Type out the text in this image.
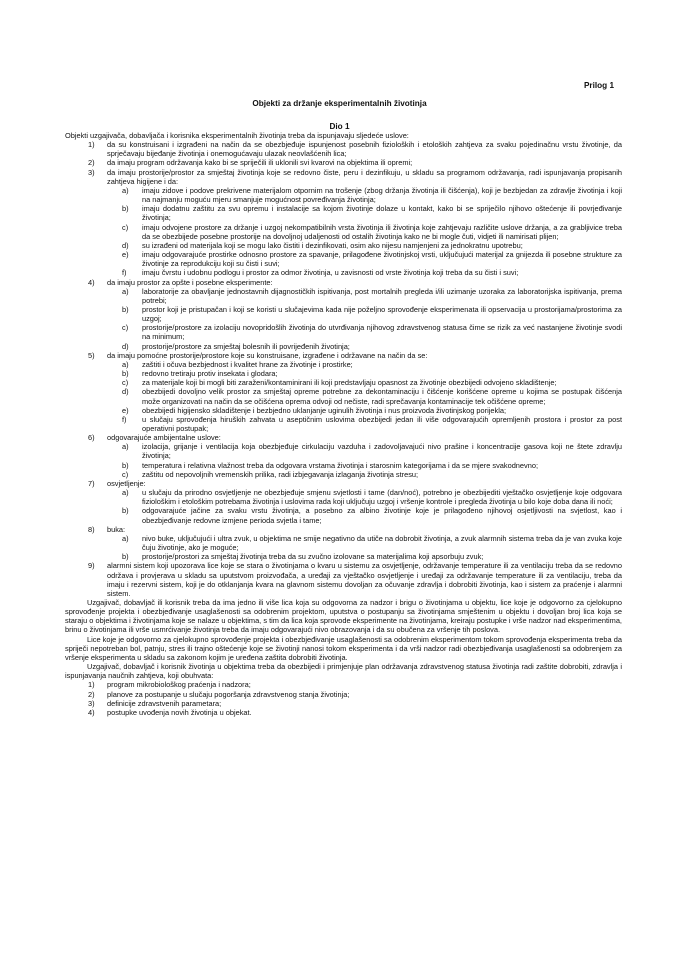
Prilog 1
Objekti za držanje eksperimentalnih životinja
Dio 1

Objekti uzgajivača, dobavljača i korisnika eksperimentalnih životinja treba da ispunjavaju sljedeće uslove:

1) da su konstruisani i izgrađeni na način da se obezbjeđuje ispunjenost posebnih fizioloških i etoloških zahtjeva za svaku pojedinačnu vrstu životinje, da sprječavaju bijeđanje životinja i onemogućavaju ulazak neovlašćenih lica;
2) da imaju program održavanja kako bi se spriječili ili uklonili svi kvarovi na objektima ili opremi;
3) da imaju prostorije/prostor za smještaj životinja koje se redovno čiste, peru i dezinfikuju, u skladu sa programom održavanja, radi ispunjavanja propisanih zahtjeva higijene i da:
a) imaju zidove i podove prekrivene materijalom otpornim na trošenje (zbog držanja životinja ili čišćenja), koji je bezbjedan za zdravlje životinja i koji na najmanju moguću mjeru smanjuje mogućnost povređivanja životinja;
b) imaju dodatnu zaštitu za svu opremu i instalacije sa kojom životinje dolaze u kontakt, kako bi se spriječilo njihovo oštećenje ili povrjeđivanje životinja;
c) imaju odvojene prostore za držanje i uzgoj nekompatibilnih vrsta životinja ili životinja koje zahtjevaju različite uslove držanja, a za grabljivice treba da se obezbijede posebne prostorije na dovoljnoj udaljenosti od ostalih životinja kako ne bi mogle čuti, vidjeti ili namirisati plijen;
d) su izrađeni od materijala koji se mogu lako čistiti i dezinfikovati, osim ako nijesu namjenjeni za jednokratnu upotrebu;
e) imaju odgovarajuće prostirke odnosno prostore za spavanje, prilagođene životinjskoj vrsti, uključujući materijal za gnijezda ili posebne strukture za životinje za reprodukciju koji su čisti i suvi;
f) imaju čvrstu i udobnu podlogu i prostor za odmor životinja, u zavisnosti od vrste životinja koji treba da su čisti i suvi;
4) da imaju prostor za opšte i posebne eksperimente:
a) laboratorije za obavljanje jednostavnih dijagnostičkih ispitivanja, post mortalnih pregleda i/ili uzimanje uzoraka za laboratorijska ispitivanja, prema potrebi;
b) prostor koji je pristupačan i koji se koristi u slučajevima kada nije poželjno sprovođenje eksperimenata ili opservacija u prostorijama/prostorima za uzgoj;
c) prostorije/prostore za izolaciju novopridošlih životinja do utvrđivanja njihovog zdravstvenog statusa čime se rizik za već nastanjene životinje svodi na minimum;
d) prostorije/prostore za smještaj bolesnih ili povrijeđenih životinja;
5) da imaju pomoćne prostorije/prostore koje su konstruisane, izgrađene i održavane na način da se:
a) zaštiti i očuva bezbjednost i kvalitet hrane za životinje i prostirke;
b) redovno tretiraju protiv insekata i glodara;
c) za materijale koji bi mogli biti zaraženi/kontaminirani ili koji predstavljaju opasnost za životinje obezbijedi odvojeno skladištenje;
d) obezbijedi dovoljno velik prostor za smještaj opreme potrebne za dekontaminaciju i čišćenje korišćene opreme u kojima se postupak čišćenja može organizovati na način da se očišćena oprema odvoji od nečiste, radi sprečavanja kontaminacije tek očišćene opreme;
e) obezbijedi higijensko skladištenje i bezbjedno uklanjanje uginulih životinja i nus proizvoda životinjskog porijekla;
f) u slučaju sprovođenja hiruških zahvata u aseptičnim uslovima obezbijedi jedan ili više odgovarajućih opremljenih prostora i prostor za post operativni postupak;
6) odgovarajuće ambijentalne uslove:
a) izolacija, grijanje i ventilacija koja obezbjeđuje cirkulaciju vazduha i zadovoljavajući nivo prašine i koncentracije gasova koji ne štete zdravlju životinja;
b) temperatura i relativna vlažnost treba da odgovara vrstama životinja i starosnim kategorijama i da se mjere svakodnevno;
c) zaštitu od nepovoljnih vremenskih prilika, radi izbjegavanja izlaganja životinja stresu;
7) osvjetljenje:
a) u slučaju da prirodno osvjetljenje ne obezbjeđuje smjenu svjetlosti i tame (dan/noć), potrebno je obezbijediti vještačko osvjetljenje koje odgovara fiziološkim i etološkim potrebama životinja i uslovima rada koji uključuju uzgoj i vršenje kontrole i pregleda životinja u bilo koje doba dana ili noći;
b) odgovarajuće jačine za svaku vrstu životinja, a posebno za albino životinje koje je prilagođeno njihovoj osjetljivosti na svjetlost, kao i obezbjeđivanje redovne izmjene perioda svjetla i tame;
8) buka:
a) nivo buke, uključujući i ultra zvuk, u objektima ne smije negativno da utiče na dobrobit životinja, a zvuk alarmnih sistema treba da je van zvuka koje čuju životinje, ako je moguće;
b) prostorije/prostori za smještaj životinja treba da su zvučno izolovane sa materijalima koji apsorbuju zvuk;
9) alarmni sistem koji upozorava lice koje se stara o životinjama o kvaru u sistemu za osvjetljenje, održavanje temperature ili za ventilaciju treba da se redovno održava i provjerava u skladu sa uputstvom proizvođača, a uređaji za vještačko osvjetljenje i uređaji za održavanje temperature ili za ventilaciju, treba da imaju i rezervni sistem, koji je do otklanjanja kvara na glavnom sistemu dovoljan za očuvanje zdravlja i dobrobiti životinja, kao i sistem za praćenje i alarmni sistem.

Uzgajivač, dobavljač ili korisnik treba da ima jedno ili više lica koja su odgovorna za nadzor i brigu o životinjama u objektu, lice koje je odgovorno za cjelokupno sprovođenje projekta i obezbjeđivanje usaglašenosti sa odobrenim projektom, uputstva o postupanju sa životinjama smještenim u objektu i dovoljan broj lica koja se staraju o objektima i životinjama koje se nalaze u objektima, s tim da lica koja sprovode eksperimente na životinjama, kreiraju postupke i vrše nadzor nad eksperimentima, brinu o životinjama ili vrše usmrćivanje životinja treba da imaju odgovarajući nivo obrazovanja i da su obučena za vršenje tih poslova.

Lice koje je odgovorno za cjelokupno sprovođenje projekta i obezbjeđivanje usaglašenosti sa odobrenim eksperimentom tokom sprovođenja eksperimenta treba da spriječi nepotreban bol, patnju, stres ili trajno oštećenje koje se životinji nanosi tokom eksperimenta i da vrši nadzor radi obezbjeđivanja usaglašenosti sa odobrenjem za vršenje eksperimenta u skladu sa zakonom kojim je uređena zaštita dobrobiti životinja.

Uzgajivač, dobavljač i korisnik životinja u objektima treba da obezbijedi i primjenjuje plan održavanja zdravstvenog statusa životinja radi zaštite dobrobiti, zdravlja i ispunjavanja naučnih zahtjeva, koji obuhvata:

1) program mikrobiološkog praćenja i nadzora;
2) planove za postupanje u slučaju pogoršanja zdravstvenog stanja životinja;
3) definicije zdravstvenih parametara;
4) postupke uvođenja novih životinja u objekat.
